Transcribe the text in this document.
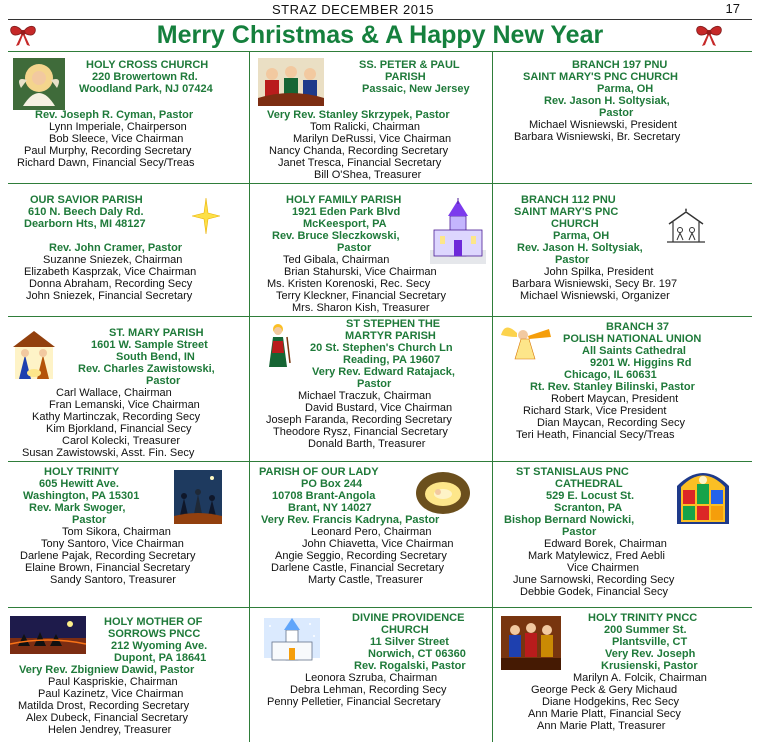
STRAZ DECEMBER 2015	17
Merry Christmas & A Happy New Year
HOLY CROSS CHURCH
220 Browertown Rd.
Woodland Park, NJ 07424
Rev. Joseph R. Cyman, Pastor
Lynn Imperiale, Chairperson
Bob Sleece, Vice Chairman
Paul Murphy, Recording Secretary
Richard Dawn, Financial Secy/Treas
SS. PETER & PAUL
PARISH
Passaic, New Jersey
Very Rev. Stanley Skrzypek, Pastor
Tom Ralicki, Chairman
Marilyn DeRussi, Vice Chairman
Nancy Chanda, Recording Secretary
Janet Tresca, Financial Secretary
Bill O'Shea, Treasurer
BRANCH 197 PNU
SAINT MARY'S PNC CHURCH
Parma, OH
Rev. Jason H. Soltysiak,
Pastor
Michael Wisniewski, President
Barbara Wisniewski, Br. Secretary
OUR SAVIOR PARISH
610 N. Beech Daly Rd.
Dearborn Hts, MI 48127
Rev. John Cramer, Pastor
Suzanne Sniezek, Chairman
Elizabeth Kasprzak, Vice Chairman
Donna Abraham, Recording Secy
John Sniezek, Financial Secretary
HOLY FAMILY PARISH
1921 Eden Park Blvd
McKeesport, PA
Rev. Bruce Sleczkowski,
Pastor
Ted Gibala, Chairman
Brian Stahurski, Vice Chairman
Ms. Kristen Korenoski, Rec. Secy
Terry Kleckner, Financial Secretary
Mrs. Sharon Kish, Treasurer
BRANCH 112 PNU
SAINT MARY'S PNC
CHURCH
Parma, OH
Rev. Jason H. Soltysiak,
Pastor
John Spilka, President
Barbara Wisniewski, Secy Br. 197
Michael Wisniewski, Organizer
ST. MARY PARISH
1601 W. Sample Street
South Bend, IN
Rev. Charles Zawistowski,
Pastor
Carl Wallace, Chairman
Fran Lemanski, Vice Chairman
Kathy Martinczak, Recording Secy
Kim Bjorkland, Financial Secy
Carol Kolecki, Treasurer
Susan Zawistowski, Asst. Fin. Secy
ST STEPHEN THE
MARTYR PARISH
20 St. Stephen's Church Ln
Reading, PA 19607
Very Rev. Edward Ratajack,
Pastor
Michael Traczuk, Chairman
David Bustard, Vice Chairman
Joseph Faranda, Recording Secretary
Theodore Rysz, Financial Secretary
Donald Barth, Treasurer
BRANCH 37
POLISH NATIONAL UNION
All Saints Cathedral
9201 W. Higgins Rd
Chicago, IL 60631
Rt. Rev. Stanley Bilinski, Pastor
Robert Maycan, President
Richard Stark, Vice President
Dian Maycan, Recording Secy
Teri Heath, Financial Secy/Treas
HOLY TRINITY
605 Hewitt Ave.
Washington, PA 15301
Rev. Mark Swoger,
Pastor
Tom Sikora, Chairman
Tony Santoro, Vice Chairman
Darlene Pajak, Recording Secretary
Elaine Brown, Financial Secretary
Sandy Santoro, Treasurer
PARISH OF OUR LADY
PO Box 244
10708 Brant-Angola
Brant, NY 14027
Very Rev. Francis Kadryna, Pastor
Leonard Pero, Chairman
John Chiavetta, Vice Chairman
Angie Seggio, Recording Secretary
Darlene Castle, Financial Secretary
Marty Castle, Treasurer
ST STANISLAUS PNC
CATHEDRAL
529 E. Locust St.
Scranton, PA
Bishop Bernard Nowicki,
Pastor
Edward Borek, Chairman
Mark Matylewicz, Fred Aebli
Vice Chairmen
June Sarnowski, Recording Secy
Debbie Godek, Financial Secy
HOLY MOTHER OF
SORROWS PNCC
212 Wyoming Ave.
Dupont, PA 18641
Very Rev. Zbigniew Dawid, Pastor
Paul Kaspriskie, Chairman
Paul Kazinetz, Vice Chairman
Matilda Drost, Recording Secretary
Alex Dubeck, Financial Secretary
Helen Jendrey, Treasurer
DIVINE PROVIDENCE
CHURCH
11 Silver Street
Norwich, CT 06360
Rev. Rogalski, Pastor
Leonora Szruba, Chairman
Debra Lehman, Recording Secy
Penny Pelletier, Financial Secretary
HOLY TRINITY PNCC
200 Summer St.
Plantsville, CT
Very Rev. Joseph
Krusienski, Pastor
Marilyn A. Folcik, Chairman
George Peck & Gery Michaud
Diane Hodgekins, Rec Secy
Ann Marie Platt, Financial Secy
Ann Marie Platt, Treasurer
